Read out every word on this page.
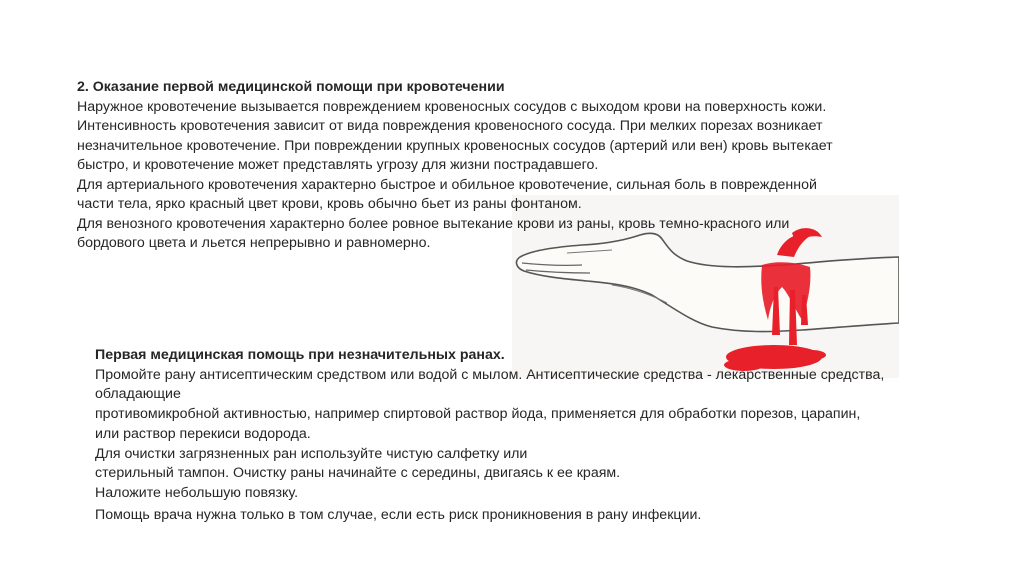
2. Оказание первой медицинской помощи при кровотечении
Наружное кровотечение вызывается повреждением кровеносных сосудов с выходом крови на поверхность кожи.
Интенсивность кровотечения зависит от вида повреждения кровеносного сосуда. При мелких порезах возникает
незначительное кровотечение. При повреждении крупных кровеносных сосудов (артерий или вен) кровь вытекает
быстро, и кровотечение может представлять угрозу для жизни пострадавшего.
Для артериального кровотечения характерно быстрое и обильное кровотечение, сильная боль в поврежденной
части тела, ярко красный цвет крови, кровь обычно бьет из раны фонтаном.
Для венозного кровотечения характерно более ровное вытекание крови из раны, кровь темно-красного или
бордового цвета и льется непрерывно и равномерно.
Первая медицинская помощь при незначительных ранах.
Промойте рану антисептическим средством или водой с мылом. Антисептические средства - лекарственные средства,
обладающие
противомикробной активностью, например спиртовой раствор йода, применяется для обработки порезов, царапин,
или раствор перекиси водорода.
Для очистки загрязненных ран используйте чистую салфетку или
стерильный тампон. Очистку раны начинайте с середины, двигаясь к ее краям.
Наложите небольшую повязку.
Помощь врача нужна только в том случае, если есть риск проникновения в рану инфекции.
